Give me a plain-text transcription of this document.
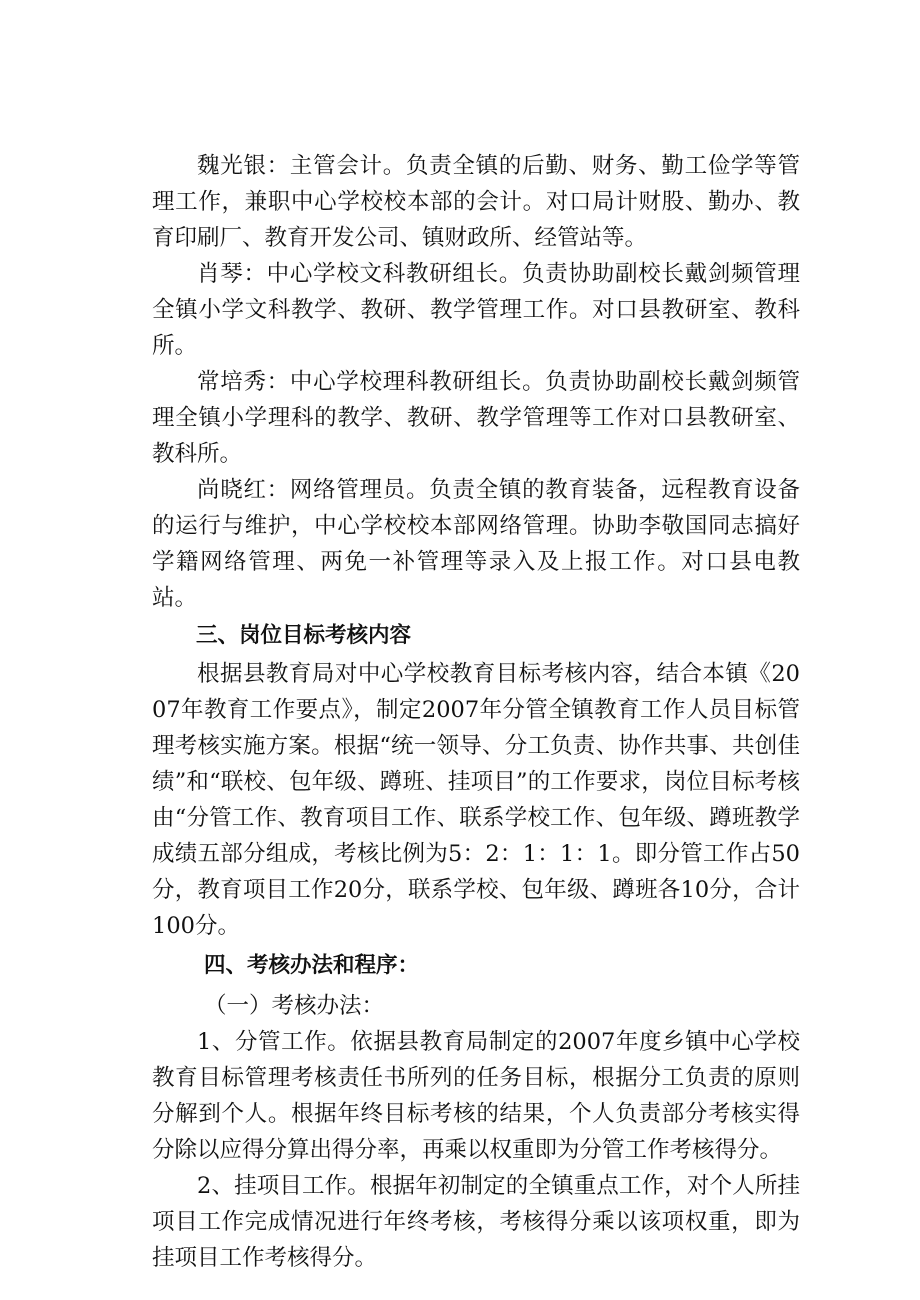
魏光银：主管会计。负责全镇的后勤、财务、勤工俭学等管理工作，兼职中心学校校本部的会计。对口局计财股、勤办、教育印刷厂、教育开发公司、镇财政所、经管站等。

肖琴：中心学校文科教研组长。负责协助副校长戴剑频管理全镇小学文科教学、教研、教学管理工作。对口县教研室、教科所。

常培秀：中心学校理科教研组长。负责协助副校长戴剑频管理全镇小学理科的教学、教研、教学管理等工作对口县教研室、教科所。

尚晓红：网络管理员。负责全镇的教育装备，远程教育设备的运行与维护，中心学校校本部网络管理。协助李敬国同志搞好学籍网络管理、两免一补管理等录入及上报工作。对口县电教站。

三、岗位目标考核内容

根据县教育局对中心学校教育目标考核内容，结合本镇《2007年教育工作要点》，制定2007年分管全镇教育工作人员目标管理考核实施方案。根据“统一领导、分工负责、协作共事、共创佳绩”和“联校、包年级、蹲班、挂项目”的工作要求，岗位目标考核由“分管工作、教育项目工作、联系学校工作、包年级、蹲班教学成绩五部分组成，考核比例为5：2：1：1：1。即分管工作占50分，教育项目工作20分，联系学校、包年级、蹲班各10分，合计100分。

四、考核办法和程序：

（一）考核办法：

1、分管工作。依据县教育局制定的2007年度乡镇中心学校教育目标管理考核责任书所列的任务目标，根据分工负责的原则分解到个人。根据年终目标考核的结果，个人负责部分考核实得分除以应得分算出得分率，再乘以权重即为分管工作考核得分。

2、挂项目工作。根据年初制定的全镇重点工作，对个人所挂项目工作完成情况进行年终考核，考核得分乘以该项权重，即为挂项目工作考核得分。
